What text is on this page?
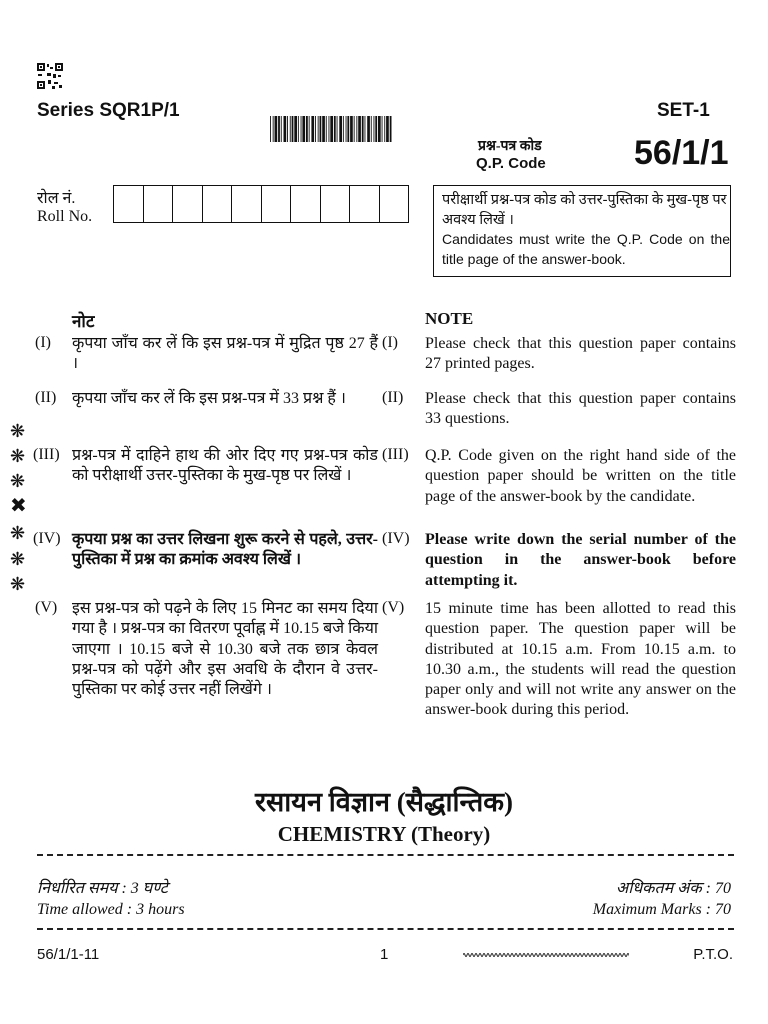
Series SQR1P/1	SET-1
प्रश्न-पत्र कोड
Q.P. Code	56/1/1
रोल नं.
Roll No.
परीक्षार्थी प्रश्न-पत्र कोड को उत्तर-पुस्तिका के मुख-पृष्ठ पर अवश्य लिखें ।
Candidates must write the Q.P. Code on the title page of the answer-book.
नोट	NOTE
(I) कृपया जाँच कर लें कि इस प्रश्न-पत्र में मुद्रित पृष्ठ 27 हैं ।
(I) Please check that this question paper contains 27 printed pages.
(II) कृपया जाँच कर लें कि इस प्रश्न-पत्र में 33 प्रश्न हैं ।	(II) Please check that this question paper contains 33 questions.
(III) प्रश्न-पत्र में दाहिने हाथ की ओर दिए गए प्रश्न-पत्र कोड को परीक्षार्थी उत्तर-पुस्तिका के मुख-पृष्ठ पर लिखें ।
(III) Q.P. Code given on the right hand side of the question paper should be written on the title page of the answer-book by the candidate.
(IV) कृपया प्रश्न का उत्तर लिखना शुरू करने से पहले, उत्तर-पुस्तिका में प्रश्न का क्रमांक अवश्य लिखें ।
(IV) Please write down the serial number of the question in the answer-book before attempting it.
(V) इस प्रश्न-पत्र को पढ़ने के लिए 15 मिनट का समय दिया गया है । प्रश्न-पत्र का वितरण पूर्वाह्न में 10.15 बजे किया जाएगा । 10.15 बजे से 10.30 बजे तक छात्र केवल प्रश्न-पत्र को पढ़ेंगे और इस अवधि के दौरान वे उत्तर-पुस्तिका पर कोई उत्तर नहीं लिखेंगे ।
(V) 15 minute time has been allotted to read this question paper. The question paper will be distributed at 10.15 a.m. From 10.15 a.m. to 10.30 a.m., the students will read the question paper only and will not write any answer on the answer-book during this period.
❋
❋
❋
✖
❋
❋
❋
रसायन विज्ञान (सैद्धान्तिक)
CHEMISTRY (Theory)
निर्धारित समय : 3 घण्टे
Time allowed : 3 hours
अधिकतम अंक : 70
Maximum Marks : 70
56/1/1-11	1	P.T.O.
